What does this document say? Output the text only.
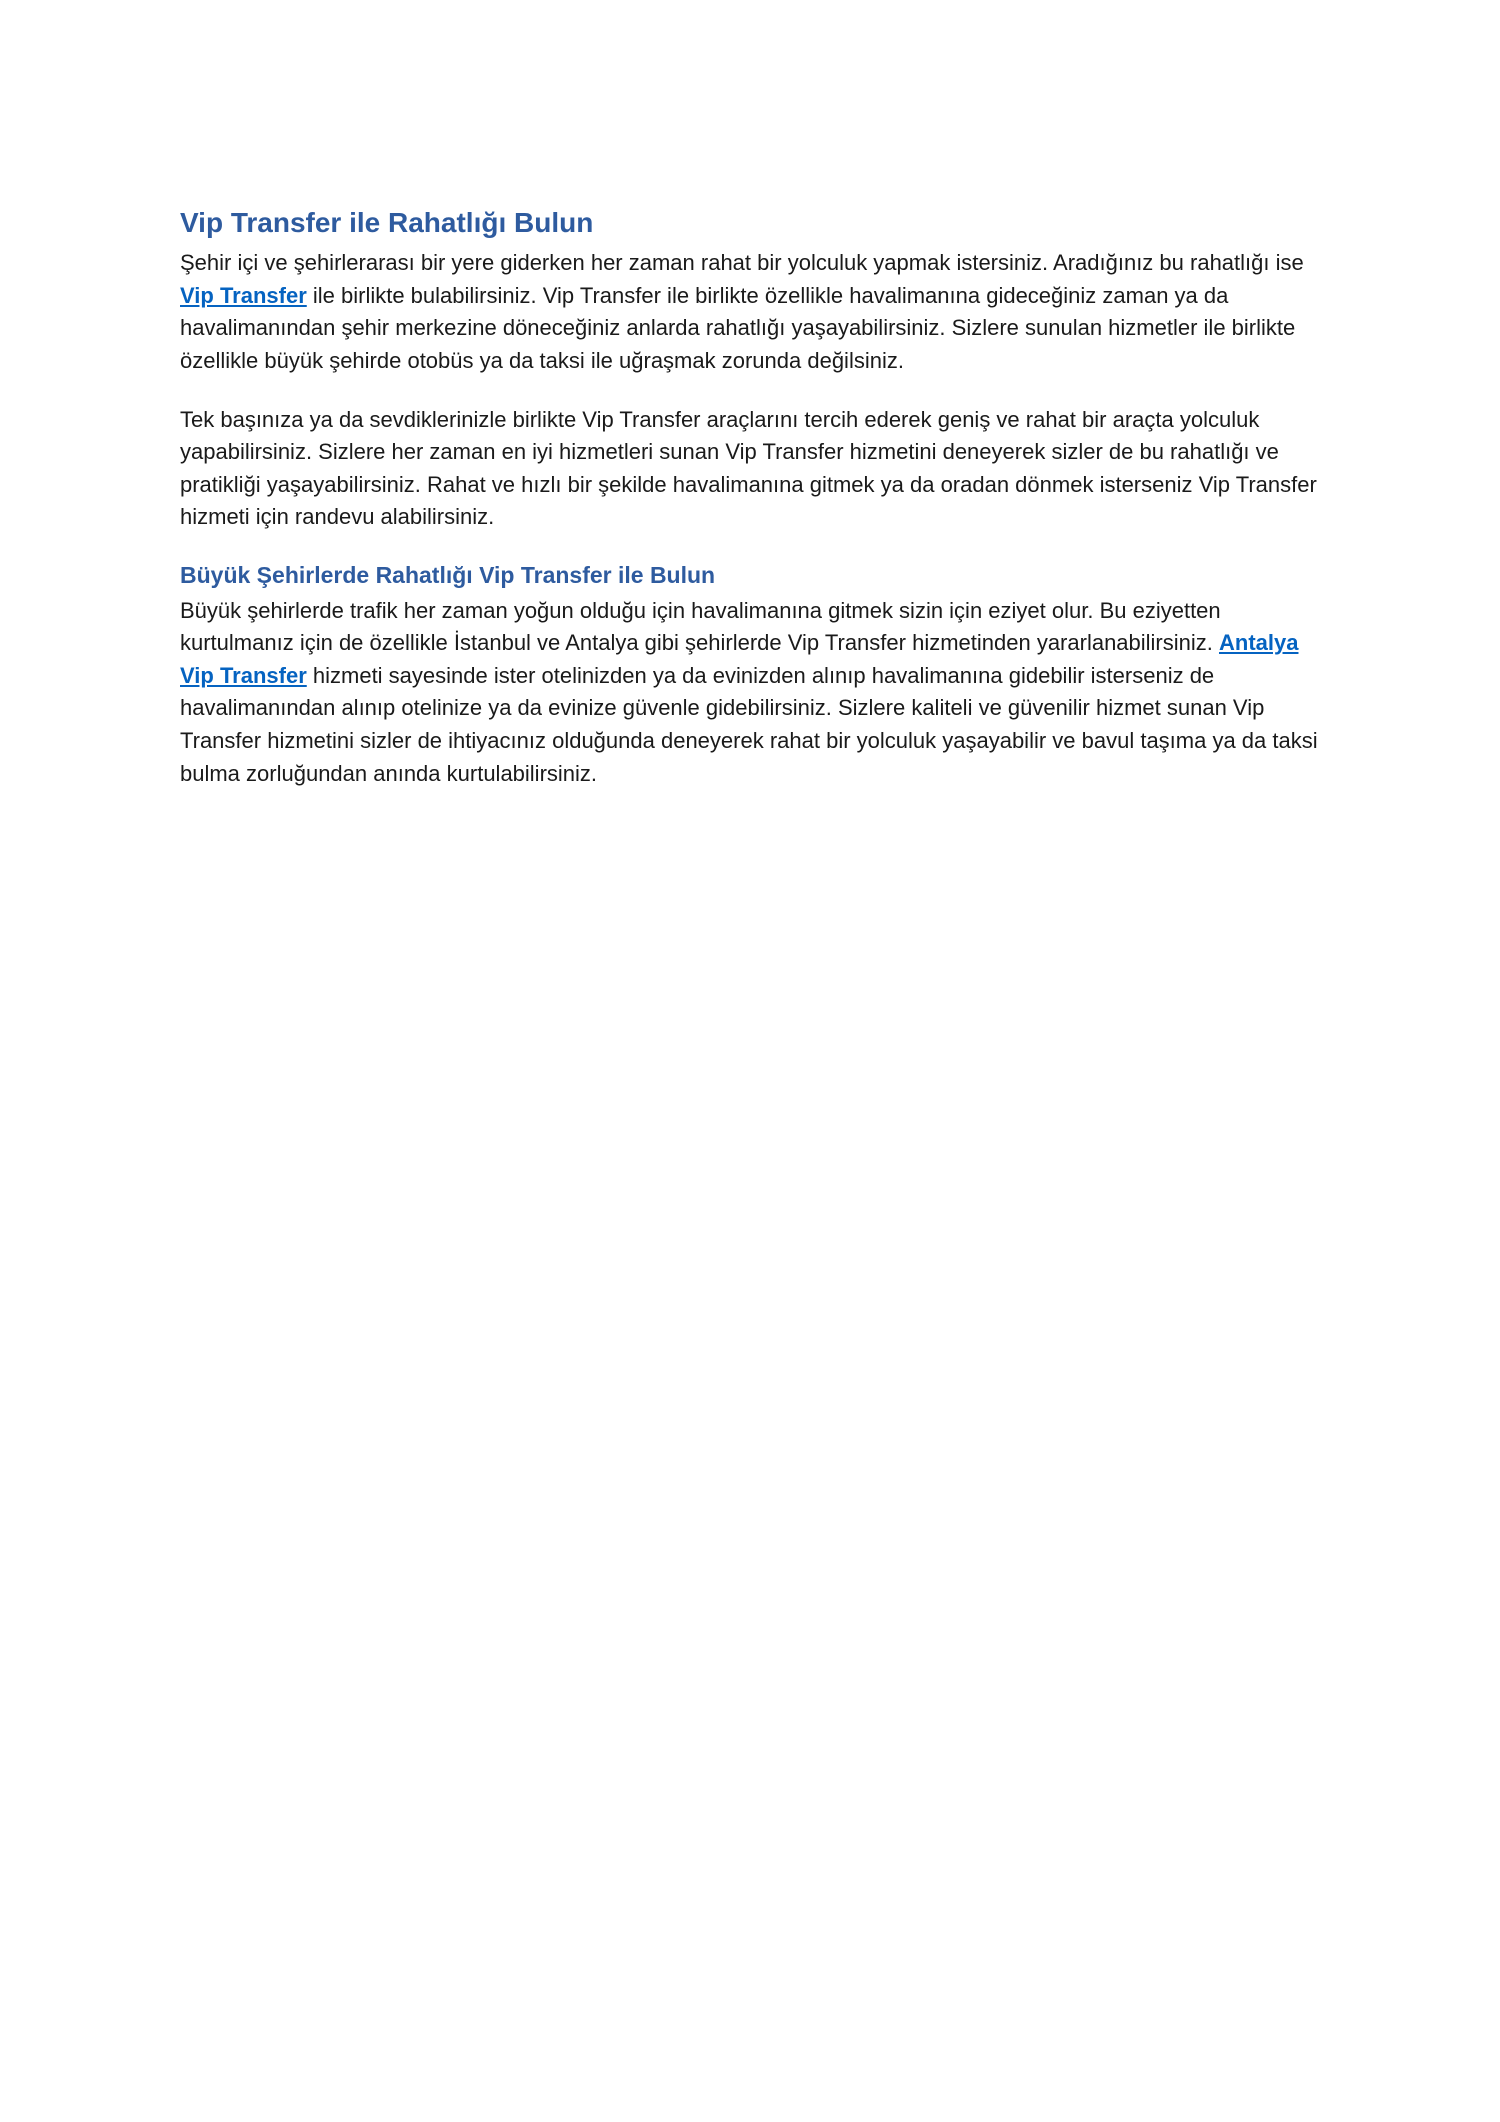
Vip Transfer ile Rahatlığı Bulun

Şehir içi ve şehirlerarası bir yere giderken her zaman rahat bir yolculuk yapmak istersiniz. Aradığınız bu rahatlığı ise Vip Transfer ile birlikte bulabilirsiniz. Vip Transfer ile birlikte özellikle havalimanına gideceğiniz zaman ya da havalimanından şehir merkezine döneceğiniz anlarda rahatlığı yaşayabilirsiniz. Sizlere sunulan hizmetler ile birlikte özellikle büyük şehirde otobüs ya da taksi ile uğraşmak zorunda değilsiniz.

Tek başınıza ya da sevdiklerinizle birlikte Vip Transfer araçlarını tercih ederek geniş ve rahat bir araçta yolculuk yapabilirsiniz. Sizlere her zaman en iyi hizmetleri sunan Vip Transfer hizmetini deneyerek sizler de bu rahatlığı ve pratikliği yaşayabilirsiniz. Rahat ve hızlı bir şekilde havalimanına gitmek ya da oradan dönmek isterseniz Vip Transfer hizmeti için randevu alabilirsiniz.

Büyük Şehirlerde Rahatlığı Vip Transfer ile Bulun

Büyük şehirlerde trafik her zaman yoğun olduğu için havalimanına gitmek sizin için eziyet olur. Bu eziyetten kurtulmanız için de özellikle İstanbul ve Antalya gibi şehirlerde Vip Transfer hizmetinden yararlanabilirsiniz. Antalya Vip Transfer hizmeti sayesinde ister otelinizden ya da evinizden alınıp havalimanına gidebilir isterseniz de havalimanından alınıp otelinize ya da evinize güvenle gidebilirsiniz. Sizlere kaliteli ve güvenilir hizmet sunan Vip Transfer hizmetini sizler de ihtiyacınız olduğunda deneyerek rahat bir yolculuk yaşayabilir ve bavul taşıma ya da taksi bulma zorluğundan anında kurtulabilirsiniz.
